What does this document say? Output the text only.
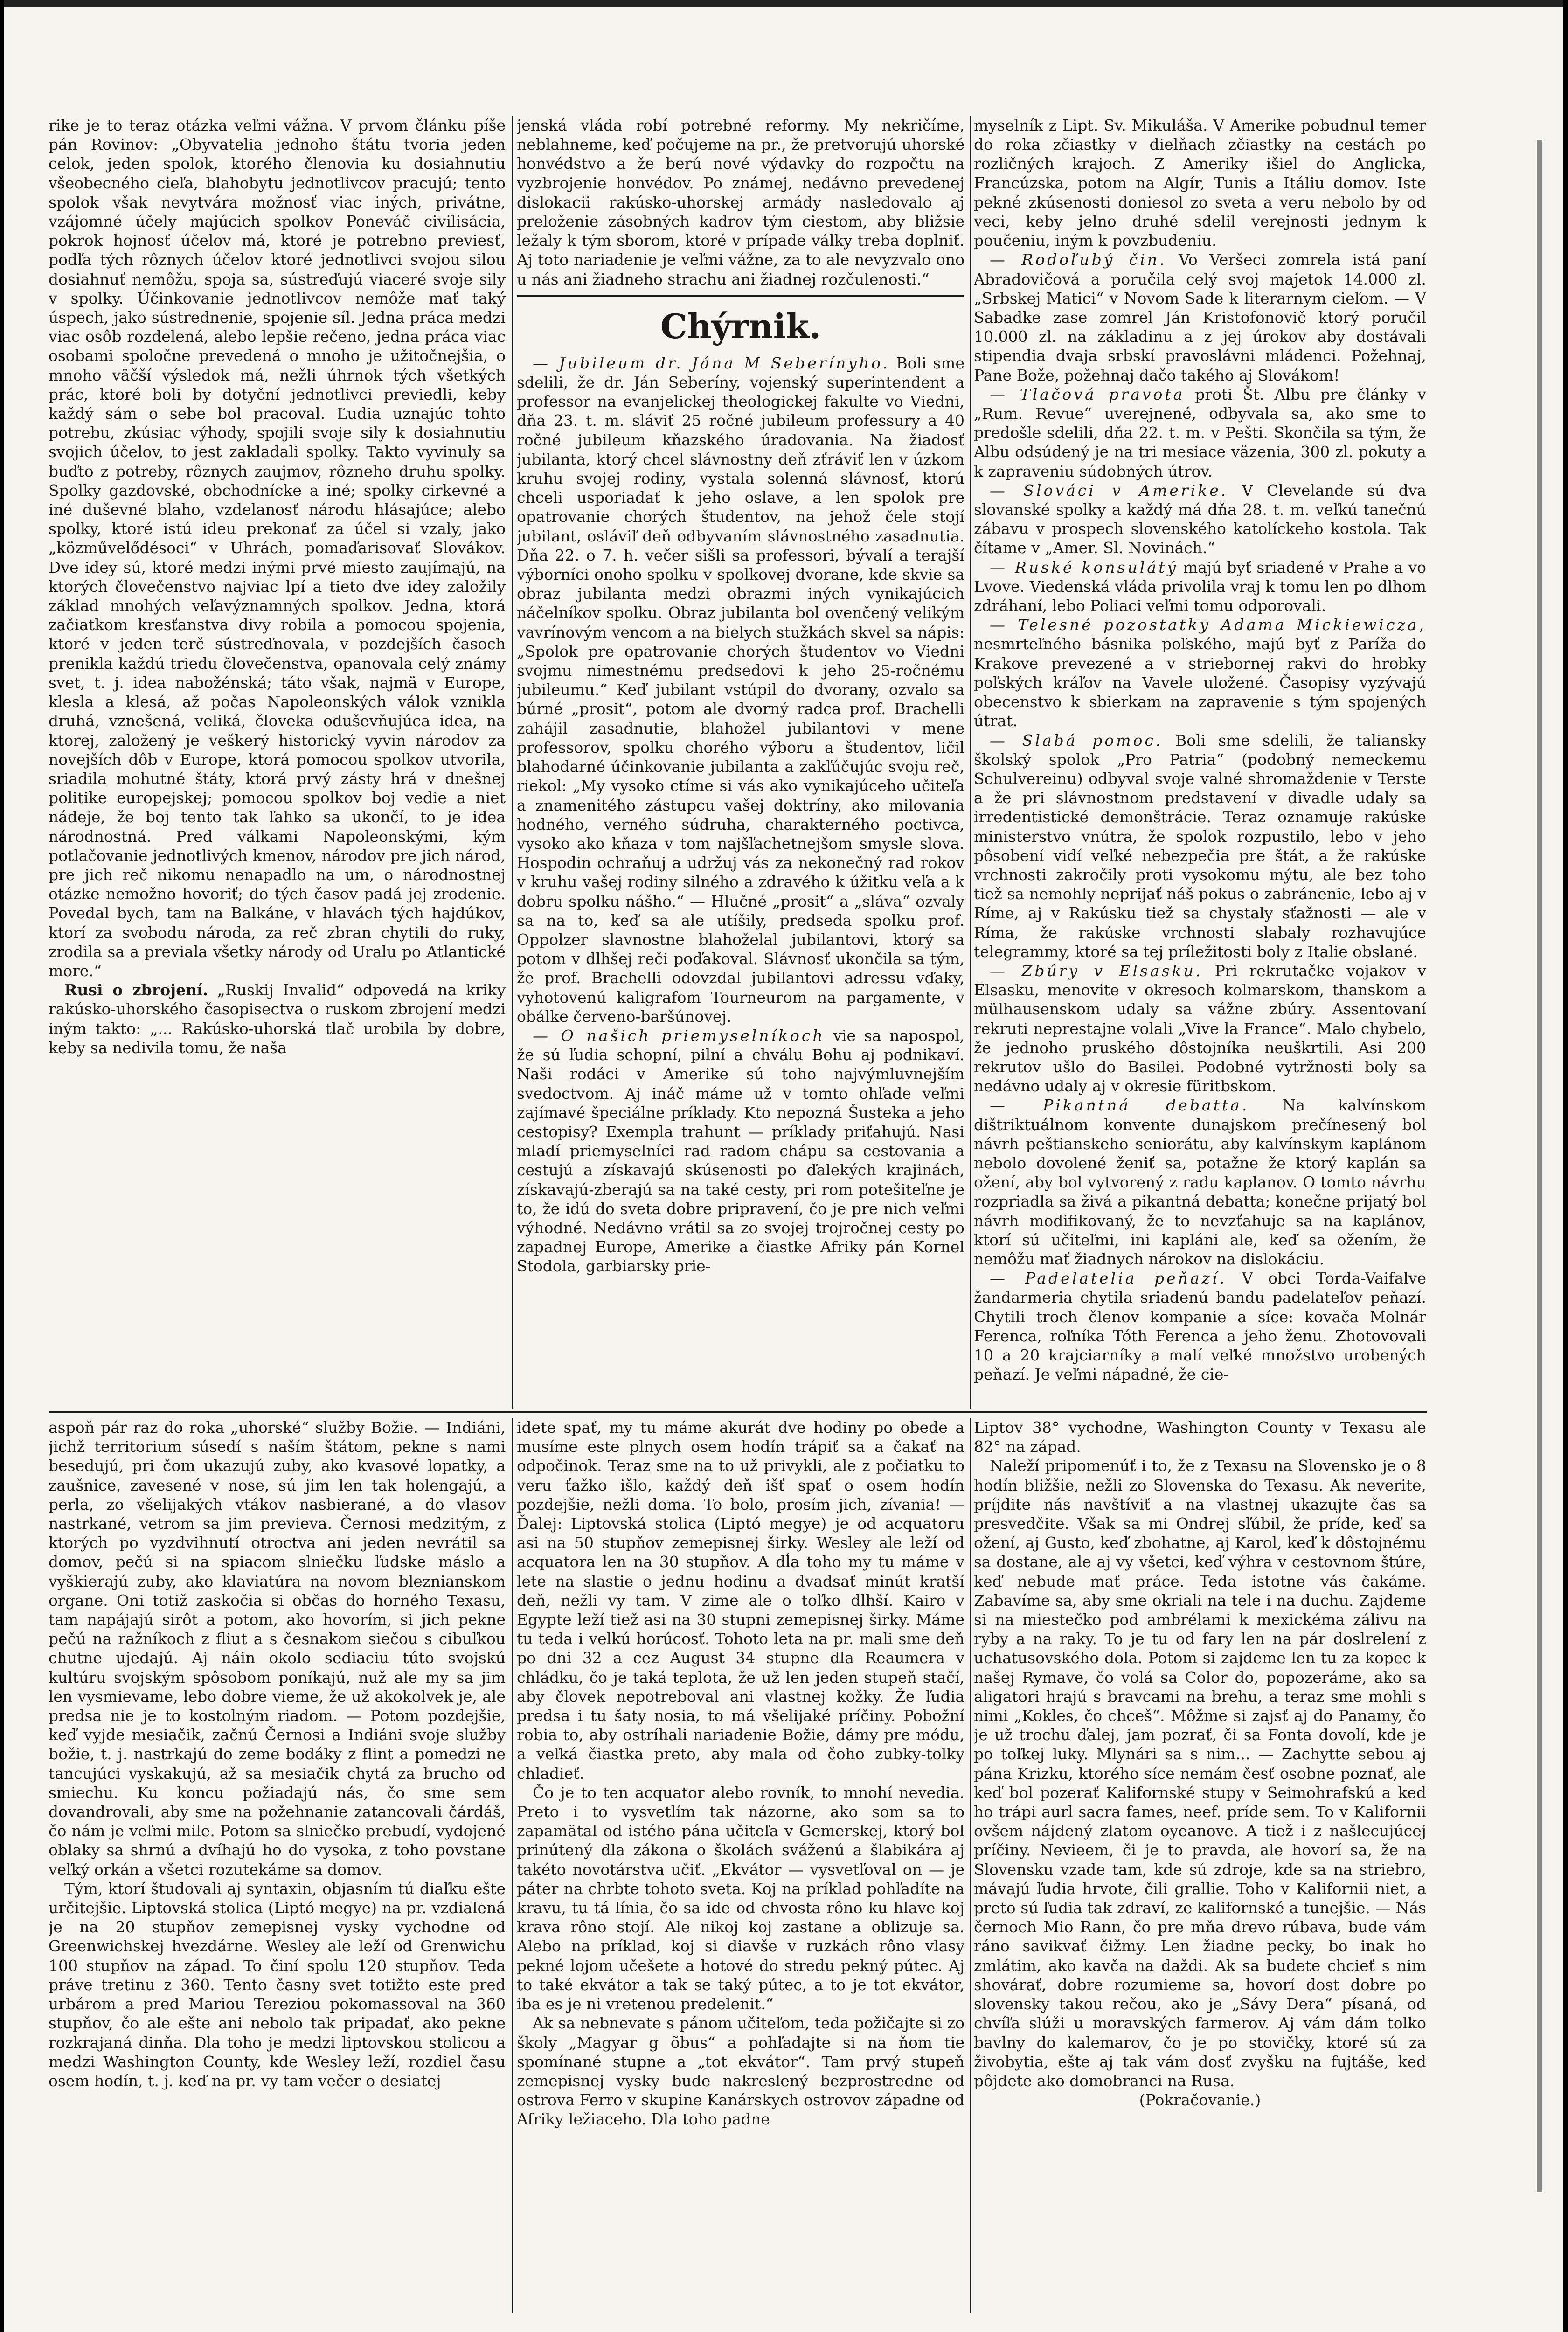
rike je to teraz otázka veľmi vážna. V prvom článku píše pán Rovinov: „Obyvatelia jednoho štátu tvoria jeden celok, jeden spolok, ktorého členovia ku dosiahnutiu všeobecného cieľa, blahobytu jednotlivcov pracujú; tento spolok však nevytvára možnosť viac iných, privátne, vzájomné účely majúcich spolkov Poneváč civilisácia, pokrok hojnosť účelov má, ktoré je potrebno previesť, podľa tých rôznych účelov ktoré jednotlivci svojou silou dosiahnuť nemôžu, spoja sa, sústreďujú viaceré svoje sily v spolky. Účinkovanie jednotlivcov nemôže mať taký úspech, jako sústrednenie, spojenie síl. Jedna práca medzi viac osôb rozdelená, alebo lepšie rečeno, jedna práca viac osobami spoločne prevedená o mnoho je užitočnejšia, o mnoho väčší výsledok má, nežli úhrnok tých všetkých prác, ktoré boli by dotyční jednotlivci previedli, keby každý sám o sebe bol pracoval. Ľudia uznajúc tohto potrebu, zkúsiac výhody, spojili svoje sily k dosiahnutiu svojich účelov, to jest zakladali spolky. Takto vyvinuly sa buďto z potreby, rôznych zaujmov, rôzneho druhu spolky. Spolky gazdovské, obchodnícke a iné; spolky cirkevné a iné duševné blaho, vzdelanosť národu hlásajúce; alebo spolky, ktoré istú ideu prekonať za účel si vzaly, jako „közművelődésoci“ v Uhrách, pomaďarisovať Slovákov. Dve idey sú, ktoré medzi inými prvé miesto zaujímajú, na ktorých človečenstvo najviac lpí a tieto dve idey založily základ mnohých veľavýznamných spolkov. Jedna, ktorá začiatkom kresťanstva divy robila a pomocou spojenia, ktoré v jeden terč sústreďnovala, v pozdejších časoch prenikla každú triedu človečenstva, opanovala celý známy svet, t. j. idea nabožénská; táto však, najmä v Europe, klesla a klesá, až počas Napoleonských válok vznikla druhá, vznešená, veliká, človeka oduševňujúca idea, na ktorej, založený je veškerý historický vyvin národov za novejších dôb v Europe, ktorá pomocou spolkov utvorila, sriadila mohutné štáty, ktorá prvý zásty hrá v dnešnej politike europejskej; pomocou spolkov boj vedie a niet nádeje, že boj tento tak ľahko sa ukončí, to je idea národnostná. Pred válkami Napoleonskými, kým potlačovanie jednotlivých kmenov, národov pre jich národ, pre jich reč nikomu nenapadlo na um, o národnostnej otázke nemožno hovoriť; do tých časov padá jej zrodenie. Povedal bych, tam na Balkáne, v hlavách tých hajdúkov, ktorí za svobodu národa, za reč zbran chytili do ruky, zrodila sa a previala všetky národy od Uralu po Atlantické more.“

Rusi o zbrojení. „Ruskij Invalid“ odpovedá na kriky rakúsko-uhorského časopisectva o ruskom zbrojení medzi iným takto: „... Rakúsko-uhorská tlač urobila by dobre, keby sa nedivila tomu, že naša

jenská vláda robí potrebné reformy. My nekričíme, neblahneme, keď počujeme na pr., že pretvorujú uhorské honvédstvo a že berú nové výdavky do rozpočtu na vyzbrojenie honvédov. Po známej, nedávno prevedenej dislokacii rakúsko-uhorskej armády nasledovalo aj preloženie zásobných kadrov tým ciestom, aby bližsie ležaly k tým sborom, ktoré v prípade války treba doplniť. Aj toto nariadenie je veľmi vážne, za to ale nevyzvalo ono u nás ani žiadneho strachu ani žiadnej rozčulenosti.“

Chýrnik.

— Jubileum dr. Jána M Seberínyho. Boli sme sdelili, že dr. Ján Seberíny, vojenský superintendent a professor na evanjelickej theologickej fakulte vo Viedni, dňa 23. t. m. sláviť 25 ročné jubileum professury a 40 ročné jubileum kňazského úradovania. Na žiadosť jubilanta, ktorý chcel slávnostny deň zťráviť len v úzkom kruhu svojej rodiny, vystala solenná slávnosť, ktorú chceli usporiadať k jeho oslave, a len spolok pre opatrovanie chorých študentov, na jehož čele stojí jubilant, osláviľ deň odbyvaním slávnostného zasadnutia. Dňa 22. o 7. h. večer sišli sa professori, bývalí a terajší výborníci onoho spolku v spolkovej dvorane, kde skvie sa obraz jubilanta medzi obrazmi iných vynikajúcich náčelníkov spolku. Obraz jubilanta bol ovenčený velikým vavrínovým vencom a na bielych stužkách skvel sa nápis: „Spolok pre opatrovanie chorých študentov vo Viedni svojmu nimestnému predsedovi k jeho 25-ročnému jubileumu.“ Keď jubilant vstúpil do dvorany, ozvalo sa búrné „prosit“, potom ale dvorný radca prof. Brachelli zahájil zasadnutie, blahožel jubilantovi v mene professorov, spolku chorého výboru a študentov, ličil blahodarné účinkovanie jubilanta a zakľúčujúc svoju reč, riekol: „My vysoko ctíme si vás ako vynikajúceho učiteľa a znamenitého zástupcu vašej doktríny, ako milovania hodného, verného súdruha, charakterného poctivca, vysoko ako kňaza v tom najšľachetnejšom smysle slova. Hospodin ochraňuj a udržuj vás za nekonečný rad rokov v kruhu vašej rodiny silného a zdravého k úžitku veľa a k dobru spolku nášho.“ — Hlučné „prosit“ a „sláva“ ozvaly sa na to, keď sa ale utíšily, predseda spolku prof. Oppolzer slavnostne blahoželal jubilantovi, ktorý sa potom v dlhšej reči poďakoval. Slávnosť ukončila sa tým, že prof. Brachelli odovzdal jubilantovi adressu vďaky, vyhotovenú kaligrafom Tourneurom na pargamente, v obálke červeno-baršúnovej.

— O našich priemyselníkoch vie sa napospol, že sú ľudia schopní, pilní a chválu Bohu aj podnikaví. Naši rodáci v Amerike sú toho najvýmluvnejším svedoctvom. Aj ináč máme už v tomto ohľade veľmi zajímavé špeciálne príklady. Kto nepozná Šusteka a jeho cestopisy? Exempla trahunt — príklady priťahujú. Nasi mladí priemyselníci rad radom chápu sa cestovania a cestujú a získavajú skúsenosti po ďalekých krajinách, získavajú-zberajú sa na také cesty, pri rom potešiteľne je to, že idú do sveta dobre pripravení, čo je pre nich veľmi výhodné. Nedávno vrátil sa zo svojej trojročnej cesty po zapadnej Europe, Amerike a čiastke Afriky pán Kornel Stodola, garbiarsky prie-

myselník z Lipt. Sv. Mikuláša. V Amerike pobudnul temer do roka zčiastky v dielňach zčiastky na cestách po rozličných krajoch. Z Ameriky išiel do Anglicka, Francúzska, potom na Algír, Tunis a Itáliu domov. Iste pekné zkúsenosti doniesol zo sveta a veru nebolo by od veci, keby jelno druhé sdelil verejnosti jednym k poučeniu, iným k povzbudeniu.

— Rodoľubý čin. Vo Veršeci zomrela istá paní Abradovičová a poručila celý svoj majetok 14.000 zl. „Srbskej Matici“ v Novom Sade k literarnym cieľom. — V Sabadke zase zomrel Ján Kristofonovič ktorý poručil 10.000 zl. na základinu a z jej úrokov aby dostávali stipendia dvaja srbskí pravoslávni mládenci. Požehnaj, Pane Bože, požehnaj dačo takého aj Slovákom!

— Tlačová pravota proti Št. Albu pre články v „Rum. Revue“ uverejnené, odbyvala sa, ako sme to predošle sdelili, dňa 22. t. m. v Pešti. Skončila sa tým, že Albu odsúdený je na tri mesiace väzenia, 300 zl. pokuty a k zapraveniu súdobných útrov.

— Slováci v Amerike. V Clevelande sú dva slovanské spolky a každý má dňa 28. t. m. veľkú tanečnú zábavu v prospech slovenského katolíckeho kostola. Tak čítame v „Amer. Sl. Novinách.“

— Ruské konsulátý majú byť sriadené v Prahe a vo Lvove. Viedenská vláda privolila vraj k tomu len po dlhom zdráhaní, lebo Poliaci veľmi tomu odporovali.

— Telesné pozostatky Adama Mickiewicza, nesmrteľného básnika poľského, majú byť z Paríža do Krakove prevezené a v striebornej rakvi do hrobky poľských kráľov na Vavele uložené. Časopisy vyzývajú obecenstvo k sbierkam na zapravenie s tým spojených útrat.

— Slabá pomoc. Boli sme sdelili, že taliansky školský spolok „Pro Patria“ (podobný nemeckemu Schulvereinu) odbyval svoje valné shromaždenie v Terste a že pri slávnostnom predstavení v divadle udaly sa irredentistické demonštrácie. Teraz oznamuje rakúske ministerstvo vnútra, že spolok rozpustilo, lebo v jeho pôsobení vidí veľké nebezpečia pre štát, a že rakúske vrchnosti zakročily proti vysokomu mýtu, ale bez toho tiež sa nemohly neprijať náš pokus o zabránenie, lebo aj v Ríme, aj v Rakúsku tiež sa chystaly sťažnosti — ale v Ríma, že rakúske vrchnosti slabaly rozhavujúce telegrammy, ktoré sa tej príležitosti boly z Italie obslané.

— Zbúry v Elsasku. Pri rekrutačke vojakov v Elsasku, menovite v okresoch kolmarskom, thanskom a mülhausenskom udaly sa vážne zbúry. Assentovaní rekruti neprestajne volali „Vive la France“. Malo chybelo, že jednoho pruského dôstojníka neuškrtili. Asi 200 rekrutov ušlo do Basilei. Podobné vytržnosti boly sa nedávno udaly aj v okresie füritbskom.

— Pikantná debatta. Na kalvínskom dištriktuálnom konvente dunajskom prečínesený bol návrh peštianskeho seniorátu, aby kalvínskym kaplánom nebolo dovolené ženiť sa, potažne že ktorý kaplán sa ožení, aby bol vytvorený z radu kaplanov. O tomto návrhu rozpriadla sa živá a pikantná debatta; konečne prijatý bol návrh modifikovaný, že to nevzťahuje sa na kaplánov, ktorí sú učiteľmi, ini kapláni ale, keď sa ožením, že nemôžu mať žiadnych nárokov na dislokáciu.

— Padelatelia peňazí. V obci Torda-Vaifalve žandarmeria chytila sriadenú bandu padelateľov peňazí. Chytili troch členov kompanie a síce: kovača Molnár Ferenca, roľníka Tóth Ferenca a jeho ženu. Zhotovovali 10 a 20 krajciarníky a malí veľké množstvo urobených peňazí. Je veľmi nápadné, že cie-

aspoň pár raz do roka „uhorské“ služby Božie. — Indiáni, jichž territorium súsedí s naším štátom, pekne s nami besedujú, pri čom ukazujú zuby, ako kvasové lopatky, a zaušnice, zavesené v nose, sú jim len tak holengajú, a perla, zo všelijakých vtákov nasbierané, a do vlasov nastrkané, vetrom sa jim previeva. Černosi medzitým, z ktorých po vyzdvihnutí otroctva ani jeden nevrátil sa domov, pečú si na spiacom slniečku ľudske máslo a vyškierajú zuby, ako klaviatúra na novom bleznianskom organe. Oni totiž zaskočia si občas do horného Texasu, tam napájajú sirôt a potom, ako hovorím, si jich pekne pečú na ražníkoch z fliut a s česnakom siečou s cibuľkou chutne ujedajú. Aj náin okolo sediaciu túto svojskú kultúru svojským spôsobom poníkajú, nuž ale my sa jim len vysmievame, lebo dobre vieme, že už akokolvek je, ale predsa nie je to kostolným riadom. — Potom pozdejšie, keď vyjde mesiačik, začnú Černosi a Indiáni svoje služby božie, t. j. nastrkajú do zeme bodáky z flint a pomedzi ne tancujúci vyskakujú, až sa mesiačik chytá za brucho od smiechu. Ku koncu požiadajú nás, čo sme sem dovandrovali, aby sme na požehnanie zatancovali čárdáš, čo nám je veľmi mile. Potom sa slniečko prebudí, vydojené oblaky sa shrnú a dvíhajú ho do vysoka, z toho povstane veľký orkán a všetci rozutekáme sa domov.

Tým, ktorí študovali aj syntaxin, objasním tú diaľku ešte určitejšie. Liptovská stolica (Liptó megye) na pr. vzdialená je na 20 stupňov zemepisnej vysky vychodne od Greenwichskej hvezdárne. Wesley ale leží od Grenwichu 100 stupňov na západ. To činí spolu 120 stupňov. Teda práve tretinu z 360. Tento časny svet totižto este pred urbárom a pred Mariou Tereziou pokomassoval na 360 stupňov, čo ale ešte ani nebolo tak pripadať, ako pekne rozkrajaná dinňa. Dla toho je medzi liptovskou stolicou a medzi Washington County, kde Wesley leží, rozdiel času osem hodín, t. j. keď na pr. vy tam večer o desiatej

idete spať, my tu máme akurát dve hodiny po obede a musíme este plnych osem hodín trápiť sa a čakať na odpočinok. Teraz sme na to už privykli, ale z počiatku to veru ťažko išlo, každý deň išť spať o osem hodín pozdejšie, nežli doma. To bolo, prosím jich, zívania! — Ďalej: Liptovská stolica (Liptó megye) je od acquatoru asi na 50 stupňov zemepisnej širky. Wesley ale leží od acquatora len na 30 stupňov. A dĺa toho my tu máme v lete na slastie o jednu hodinu a dvadsať minút kratší deň, nežli vy tam. V zime ale o toľko dlhší. Kairo v Egypte leží tiež asi na 30 stupni zemepisnej širky. Máme tu teda i velkú horúcosť. Tohoto leta na pr. mali sme deň po dni 32 a cez August 34 stupne dla Reaumera v chládku, čo je taká teplota, že už len jeden stupeň stačí, aby človek nepotreboval ani vlastnej kožky. Že ľudia predsa i tu šaty nosia, to má všelijaké príčiny. Pobožní robia to, aby ostríhali nariadenie Božie, dámy pre módu, a veľká čiastka preto, aby mala od čoho zubky-tolky chladieť.

Čo je to ten acquator alebo rovník, to mnohí nevedia. Preto i to vysvetlím tak názorne, ako som sa to zapamätal od istého pána učiteľa v Gemerskej, ktorý bol prinútený dla zákona o školách sváženú a šlabikára aj takéto novotárstva učiť. „Ekvátor — vysvetľoval on — je páter na chrbte tohoto sveta. Koj na príklad pohľadíte na kravu, tu tá línia, čo sa ide od chvosta rôno ku hlave koj krava rôno stojí. Ale nikoj koj zastane a oblizuje sa. Alebo na príklad, koj si diavše v ruzkách rôno vlasy pekné lojom učešete a hotové do stredu pekný pútec. Aj to také ekvátor a tak se taký pútec, a to je tot ekvátor, iba es je ni vretenou predelenit.“

Ak sa nebnevate s pánom učiteľom, teda požičajte si zo školy „Magyar g õbus“ a pohľadajte si na ňom tie spomínané stupne a „tot ekvátor“. Tam prvý stupeň zemepisnej vysky bude nakreslený bezprostredne od ostrova Ferro v skupine Kanárskych ostrovov západne od Afriky ležiaceho. Dla toho padne

Liptov 38° vychodne, Washington County v Texasu ale 82° na západ.

Naleží pripomenúť i to, že z Texasu na Slovensko je o 8 hodín bližšie, nežli zo Slovenska do Texasu. Ak neverite, príjdite nás navštíviť a na vlastnej ukazujte čas sa presvedčite. Však sa mi Ondrej sľúbil, že príde, keď sa ožení, aj Gusto, keď zbohatne, aj Karol, keď k dôstojnému sa dostane, ale aj vy všetci, keď výhra v cestovnom štúre, keď nebude mať práce. Teda istotne vás čakáme. Zabavíme sa, aby sme okriali na tele i na duchu. Zajdeme si na miestečko pod ambrélami k mexickéma zálivu na ryby a na raky. To je tu od fary len na pár doslrelení z uchatusovského dola. Potom si zajdeme len tu za kopec k našej Rymave, čo volá sa Color do, popozeráme, ako sa aligatori hrajú s bravcami na brehu, a teraz sme mohli s nimi „Kokles, čo chceš“. Môžme si zajsť aj do Panamy, čo je už trochu ďalej, jam pozrať, či sa Fonta dovolí, kde je po toľkej luky. Mlynári sa s nim... — Zachytte sebou aj pána Krizku, ktorého síce nemám česť osobne poznať, ale keď bol pozerať Kalifornské stupy v Seimohrafskú a keď ho trápi aurl sacra fames, neef. príde sem. To v Kalifornii ovšem nájdený zlatom oyeanove. A tiež i z našlecujúcej príčiny. Nevieem, či je to pravda, ale hovorí sa, že na Slovensku vzade tam, kde sú zdroje, kde sa na striebro, mávajú ľudia hrvote, čili grallie. Toho v Kalifornii niet, a preto sú ľudia tak zdraví, ze kalifornské a tunejšie. — Nás černoch Mio Rann, čo pre mňa drevo rúbava, bude vám ráno savikvať čižmy. Len žiadne pecky, bo inak ho zmlátim, ako kavča na daždi. Ak sa budete chcieť s nim shovárať, dobre rozumieme sa, hovorí dost dobre po slovensky takou rečou, ako je „Sávy Dera“ písaná, od chvíľa slúži u moravských farmerov. Aj vám dám tolko bavlny do kalemarov, čo je po stovičky, ktoré sú za živobytia, ešte aj tak vám dosť zvyšku na fujtáše, keď pôjdete ako domobranci na Rusa.

(Pokračovanie.)
